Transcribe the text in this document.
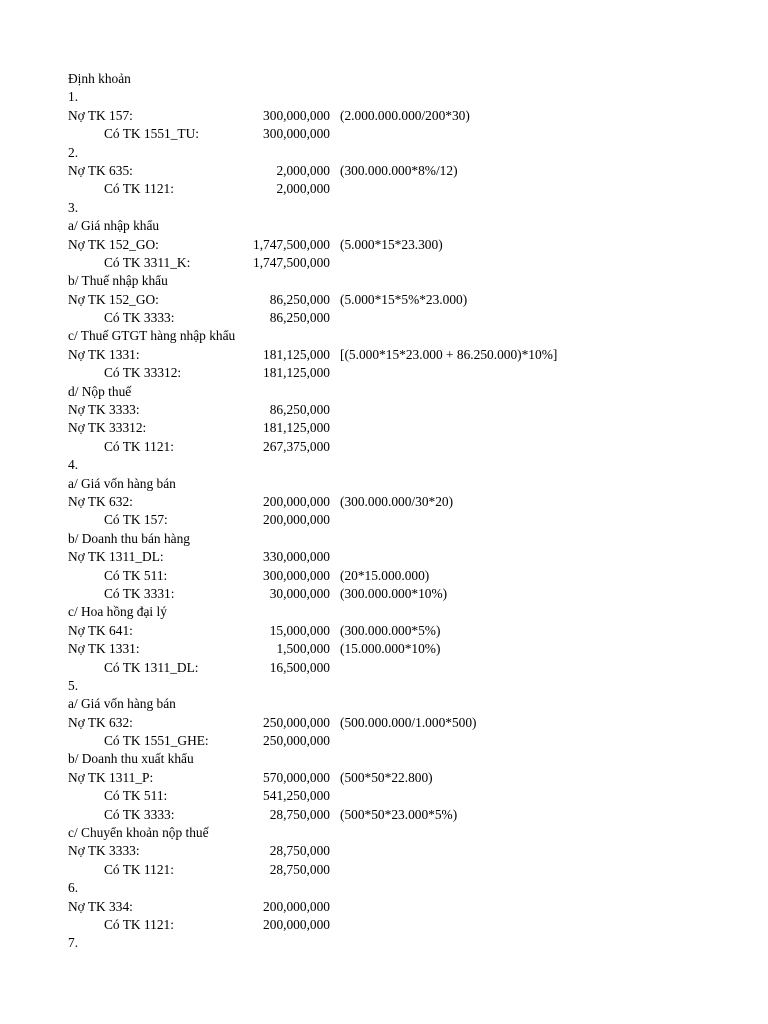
Định khoản
1.
Nợ TK 157:	300,000,000 (2.000.000.000/200*30)
Có TK 1551_TU:	300,000,000
2.
Nợ TK 635:	2,000,000 (300.000.000*8%/12)
Có TK 1121:	2,000,000
3.
a/ Giá nhập khẩu
Nợ TK 152_GO:	1,747,500,000 (5.000*15*23.300)
Có TK 3311_K:	1,747,500,000
b/ Thuế nhập khẩu
Nợ TK 152_GO:	86,250,000 (5.000*15*5%*23.000)
Có TK 3333:	86,250,000
c/ Thuế GTGT hàng nhập khẩu
Nợ TK 1331:	181,125,000 [(5.000*15*23.000 + 86.250.000)*10%]
Có TK 33312:	181,125,000
d/ Nộp thuế
Nợ TK 3333:	86,250,000
Nợ TK 33312:	181,125,000
Có TK 1121:	267,375,000
4.
a/ Giá vốn hàng bán
Nợ TK 632:	200,000,000 (300.000.000/30*20)
Có TK 157:	200,000,000
b/ Doanh thu bán hàng
Nợ TK 1311_DL:	330,000,000
Có TK 511:	300,000,000 (20*15.000.000)
Có TK 3331:	30,000,000 (300.000.000*10%)
c/ Hoa hồng đại lý
Nợ TK 641:	15,000,000 (300.000.000*5%)
Nợ TK 1331:	1,500,000 (15.000.000*10%)
Có TK 1311_DL:	16,500,000
5.
a/ Giá vốn hàng bán
Nợ TK 632:	250,000,000 (500.000.000/1.000*500)
Có TK 1551_GHE:	250,000,000
b/ Doanh thu xuất khẩu
Nợ TK 1311_P:	570,000,000 (500*50*22.800)
Có TK 511:	541,250,000
Có TK 3333:	28,750,000 (500*50*23.000*5%)
c/ Chuyển khoản nộp thuế
Nợ TK 3333:	28,750,000
Có TK 1121:	28,750,000
6.
Nợ TK 334:	200,000,000
Có TK 1121:	200,000,000
7.
